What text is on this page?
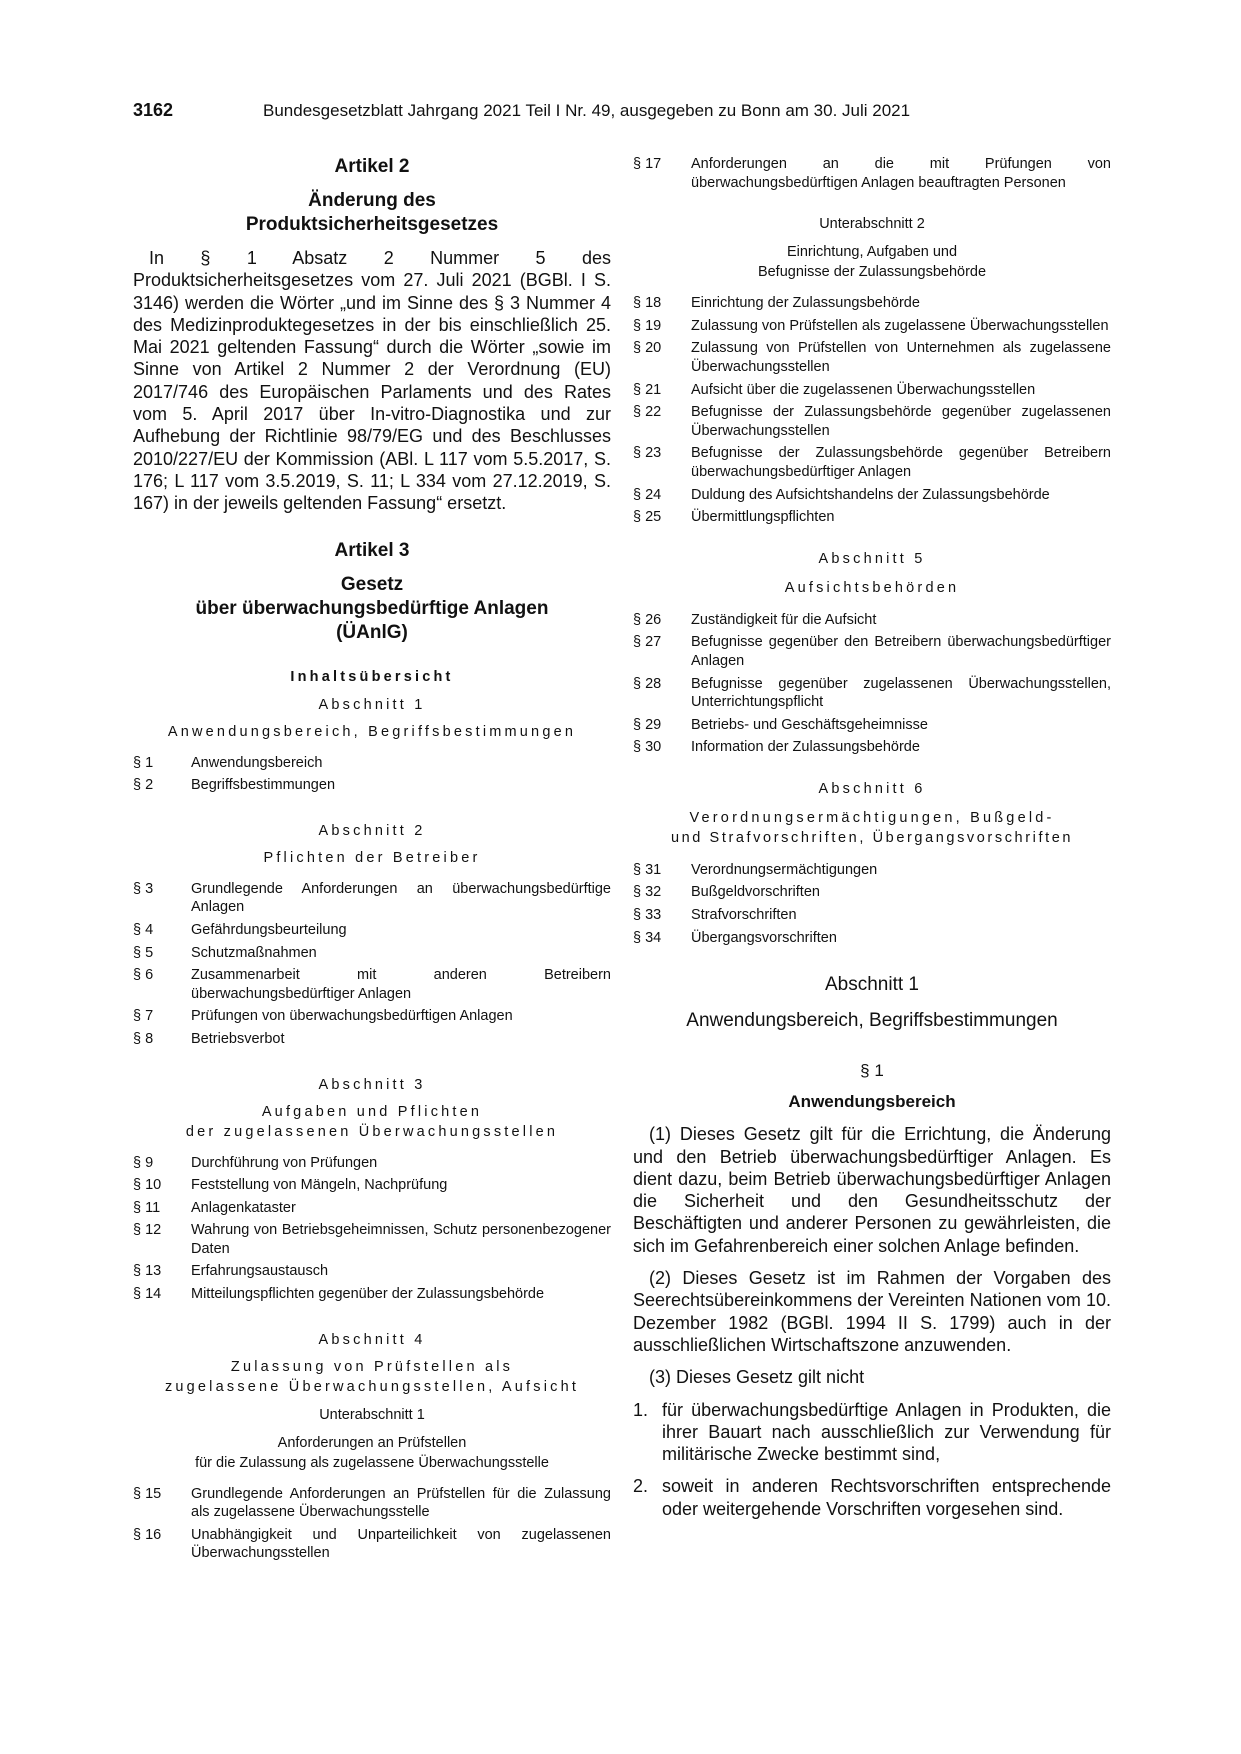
3162	Bundesgesetzblatt Jahrgang 2021 Teil I Nr. 49, ausgegeben zu Bonn am 30. Juli 2021

Artikel 2

Änderung des
Produktsicherheitsgesetzes

In § 1 Absatz 2 Nummer 5 des Produktsicherheitsgesetzes vom 27. Juli 2021 (BGBl. I S. 3146) werden die Wörter „und im Sinne des § 3 Nummer 4 des Medizinproduktegesetzes in der bis einschließlich 25. Mai 2021 geltenden Fassung“ durch die Wörter „sowie im Sinne von Artikel 2 Nummer 2 der Verordnung (EU) 2017/746 des Europäischen Parlaments und des Rates vom 5. April 2017 über In-vitro-Diagnostika und zur Aufhebung der Richtlinie 98/79/EG und des Beschlusses 2010/227/EU der Kommission (ABl. L 117 vom 5.5.2017, S. 176; L 117 vom 3.5.2019, S. 11; L 334 vom 27.12.2019, S. 167) in der jeweils geltenden Fassung“ ersetzt.

Artikel 3

Gesetz
über überwachungsbedürftige Anlagen
(ÜAnlG)

Inhaltsübersicht

Abschnitt 1

Anwendungsbereich, Begriffsbestimmungen

§ 1	Anwendungsbereich
§ 2	Begriffsbestimmungen

Abschnitt 2

Pflichten der Betreiber

§ 3	Grundlegende Anforderungen an überwachungsbedürftige Anlagen
§ 4	Gefährdungsbeurteilung
§ 5	Schutzmaßnahmen
§ 6	Zusammenarbeit mit anderen Betreibern überwachungsbedürftiger Anlagen
§ 7	Prüfungen von überwachungsbedürftigen Anlagen
§ 8	Betriebsverbot

Abschnitt 3

Aufgaben und Pflichten

der zugelassenen Überwachungsstellen

§ 9	Durchführung von Prüfungen
§ 10 Feststellung von Mängeln, Nachprüfung
§ 11 Anlagenkataster
§ 12 Wahrung von Betriebsgeheimnissen, Schutz personenbezogener Daten
§ 13 Erfahrungsaustausch
§ 14 Mitteilungspflichten gegenüber der Zulassungsbehörde

Abschnitt 4

Zulassung von Prüfstellen als

zugelassene Überwachungsstellen, Aufsicht

Unterabschnitt 1

Anforderungen an Prüfstellen

für die Zulassung als zugelassene Überwachungsstelle

§ 15 Grundlegende Anforderungen an Prüfstellen für die Zulassung als zugelassene Überwachungsstelle
§ 16 Unabhängigkeit und Unparteilichkeit von zugelassenen Überwachungsstellen
§ 17 Anforderungen an die mit Prüfungen von überwachungsbedürftigen Anlagen beauftragten Personen

Unterabschnitt 2

Einrichtung, Aufgaben und

Befugnisse der Zulassungsbehörde

§ 18 Einrichtung der Zulassungsbehörde
§ 19 Zulassung von Prüfstellen als zugelassene Überwachungsstellen
§ 20 Zulassung von Prüfstellen von Unternehmen als zugelassene Überwachungsstellen
§ 21 Aufsicht über die zugelassenen Überwachungsstellen
§ 22 Befugnisse der Zulassungsbehörde gegenüber zugelassenen Überwachungsstellen
§ 23 Befugnisse der Zulassungsbehörde gegenüber Betreibern überwachungsbedürftiger Anlagen
§ 24 Duldung des Aufsichtshandelns der Zulassungsbehörde
§ 25 Übermittlungspflichten

Abschnitt 5

Aufsichtsbehörden

§ 26 Zuständigkeit für die Aufsicht
§ 27 Befugnisse gegenüber den Betreibern überwachungsbedürftiger Anlagen
§ 28 Befugnisse gegenüber zugelassenen Überwachungsstellen, Unterrichtungspflicht
§ 29 Betriebs- und Geschäftsgeheimnisse
§ 30 Information der Zulassungsbehörde

Abschnitt 6

Verordnungsermächtigungen, Bußgeld-

und Strafvorschriften, Übergangsvorschriften

§ 31 Verordnungsermächtigungen
§ 32 Bußgeldvorschriften
§ 33 Strafvorschriften
§ 34 Übergangsvorschriften

Abschnitt 1

Anwendungsbereich, Begriffsbestimmungen

§ 1

Anwendungsbereich

(1) Dieses Gesetz gilt für die Errichtung, die Änderung und den Betrieb überwachungsbedürftiger Anlagen. Es dient dazu, beim Betrieb überwachungsbedürftiger Anlagen die Sicherheit und den Gesundheitsschutz der Beschäftigten und anderer Personen zu gewährleisten, die sich im Gefahrenbereich einer solchen Anlage befinden.

(2) Dieses Gesetz ist im Rahmen der Vorgaben des Seerechtsübereinkommens der Vereinten Nationen vom 10. Dezember 1982 (BGBl. 1994 II S. 1799) auch in der ausschließlichen Wirtschaftszone anzuwenden.

(3) Dieses Gesetz gilt nicht

1. für überwachungsbedürftige Anlagen in Produkten, die ihrer Bauart nach ausschließlich zur Verwendung für militärische Zwecke bestimmt sind,
2. soweit in anderen Rechtsvorschriften entsprechende oder weitergehende Vorschriften vorgesehen sind.
